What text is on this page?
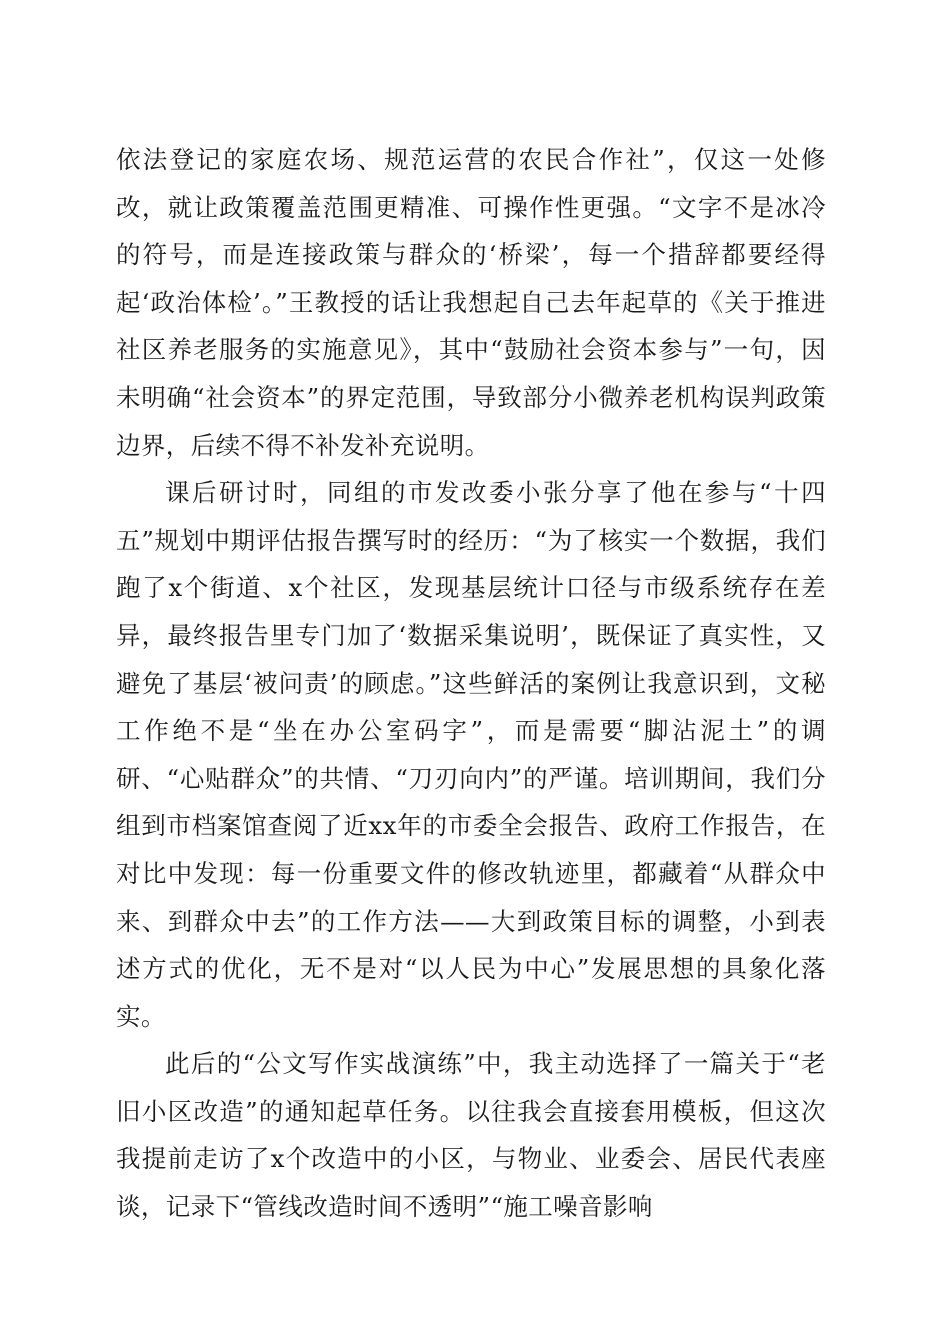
依法登记的家庭农场、规范运营的农民合作社”，仅这一处修改，就让政策覆盖范围更精准、可操作性更强。“文字不是冰冷的符号，而是连接政策与群众的‘桥梁’，每一个措辞都要经得起‘政治体检’。”王教授的话让我想起自己去年起草的《关于推进社区养老服务的实施意见》，其中“鼓励社会资本参与”一句，因未明确“社会资本”的界定范围，导致部分小微养老机构误判政策边界，后续不得不补发补充说明。

课后研讨时，同组的市发改委小张分享了他在参与“十四五”规划中期评估报告撰写时的经历：“为了核实一个数据，我们跑了x个街道、x个社区，发现基层统计口径与市级系统存在差异，最终报告里专门加了‘数据采集说明’，既保证了真实性，又避免了基层‘被问责’的顾虑。”这些鲜活的案例让我意识到，文秘工作绝不是“坐在办公室码字”，而是需要“脚沾泥土”的调研、“心贴群众”的共情、“刀刃向内”的严谨。培训期间，我们分组到市档案馆查阅了近xx年的市委全会报告、政府工作报告，在对比中发现：每一份重要文件的修改轨迹里，都藏着“从群众中来、到群众中去”的工作方法——大到政策目标的调整，小到表述方式的优化，无不是对“以人民为中心”发展思想的具象化落实。

此后的“公文写作实战演练”中，我主动选择了一篇关于“老旧小区改造”的通知起草任务。以往我会直接套用模板，但这次我提前走访了x个改造中的小区，与物业、业委会、居民代表座谈，记录下“管线改造时间不透明”“施工噪音影响
